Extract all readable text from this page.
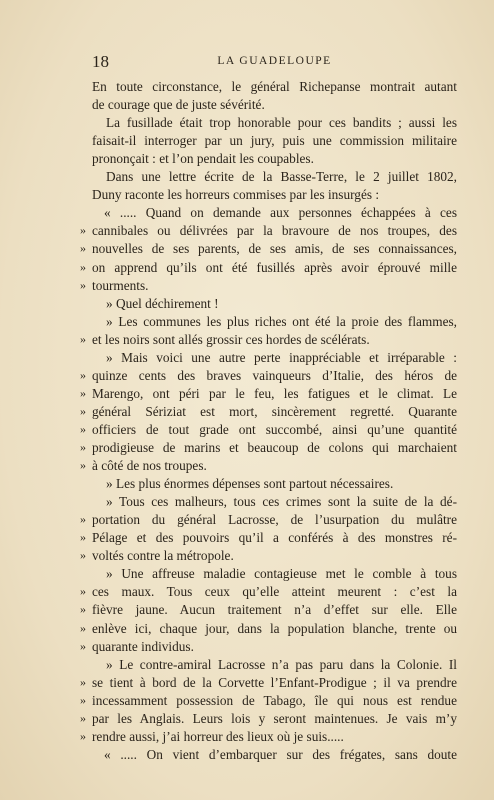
18	LA GUADELOUPE
En toute circonstance, le général Richepanse montrait autant
de courage que de juste sévérité.
La fusillade était trop honorable pour ces bandits ; aussi les
faisait-il interroger par un jury, puis une commission militaire
prononçait : et l’on pendait les coupables.
Dans une lettre écrite de la Basse-Terre, le 2 juillet 1802,
Duny raconte les horreurs commises par les insurgés :
« ..... Quand on demande aux personnes échappées à ces
» cannibales ou délivrées par la bravoure de nos troupes, des
» nouvelles de ses parents, de ses amis, de ses connaissances,
» on apprend qu’ils ont été fusillés après avoir éprouvé mille
» tourments.
» Quel déchirement !
» Les communes les plus riches ont été la proie des flammes,
» et les noirs sont allés grossir ces hordes de scélérats.
» Mais voici une autre perte inappréciable et irréparable :
» quinze cents des braves vainqueurs d’Italie, des héros de
» Marengo, ont péri par le feu, les fatigues et le climat. Le
» général Sériziat est mort, sincèrement regretté. Quarante
» officiers de tout grade ont succombé, ainsi qu’une quantité
» prodigieuse de marins et beaucoup de colons qui marchaient
» à côté de nos troupes.
» Les plus énormes dépenses sont partout nécessaires.
» Tous ces malheurs, tous ces crimes sont la suite de la dé-
» portation du général Lacrosse, de l’usurpation du mulâtre
» Pélage et des pouvoirs qu’il a conférés à des monstres ré-
» voltés contre la métropole.
» Une affreuse maladie contagieuse met le comble à tous
» ces maux. Tous ceux qu’elle atteint meurent : c’est la
» fièvre jaune. Aucun traitement n’a d’effet sur elle. Elle
» enlève ici, chaque jour, dans la population blanche, trente ou
» quarante individus.
» Le contre-amiral Lacrosse n’a pas paru dans la Colonie. Il
» se tient à bord de la Corvette l’Enfant-Prodigue ; il va prendre
» incessamment possession de Tabago, île qui nous est rendue
» par les Anglais. Leurs lois y seront maintenues. Je vais m’y
» rendre aussi, j’ai horreur des lieux où je suis.....
« ..... On vient d’embarquer sur des frégates, sans doute
